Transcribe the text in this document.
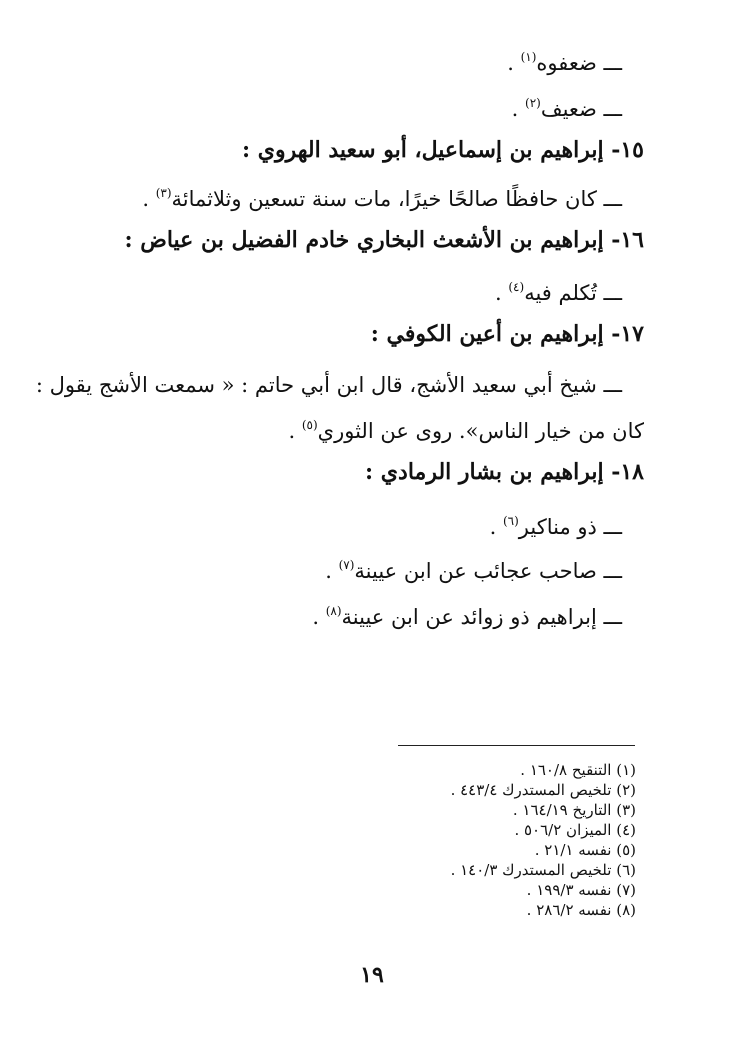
ـــ ضعفوه$^{(١)}$ .
ـــ ضعيف$^{(٢)}$ .
١٥- إبراهيم بن إسماعيل، أبو سعيد الهروي :
ـــ كان حافظًا صالحًا خيرًا، مات سنة تسعين وثلاثمائة$^{(٣)}$ .
١٦- إبراهيم بن الأشعث البخاري خادم الفضيل بن عياض :
ـــ تُكلم فيه$^{(٤)}$ .
١٧- إبراهيم بن أعين الكوفي :
ـــ شيخ أبي سعيد الأشج، قال ابن أبي حاتم : « سمعت الأشج يقول :
كان من خيار الناس». روى عن الثوري$^{(٥)}$ .
١٨- إبراهيم بن بشار الرمادي :
ـــ ذو مناكير$^{(٦)}$ .
ـــ صاحب عجائب عن ابن عيينة$^{(٧)}$ .
ـــ إبراهيم ذو زوائد عن ابن عيينة$^{(٨)}$ .
(١) التنقيح ١٦٠/٨ .
(٢) تلخيص المستدرك ٤٤٣/٤ .
(٣) التاريخ ١٦٤/١٩ .
(٤) الميزان ٥٠٦/٢ .
(٥) نفسه ٢١/١ .
(٦) تلخيص المستدرك ١٤٠/٣ .
(٧) نفسه ١٩٩/٣ .
(٨) نفسه ٢٨٦/٢ .
١٩
